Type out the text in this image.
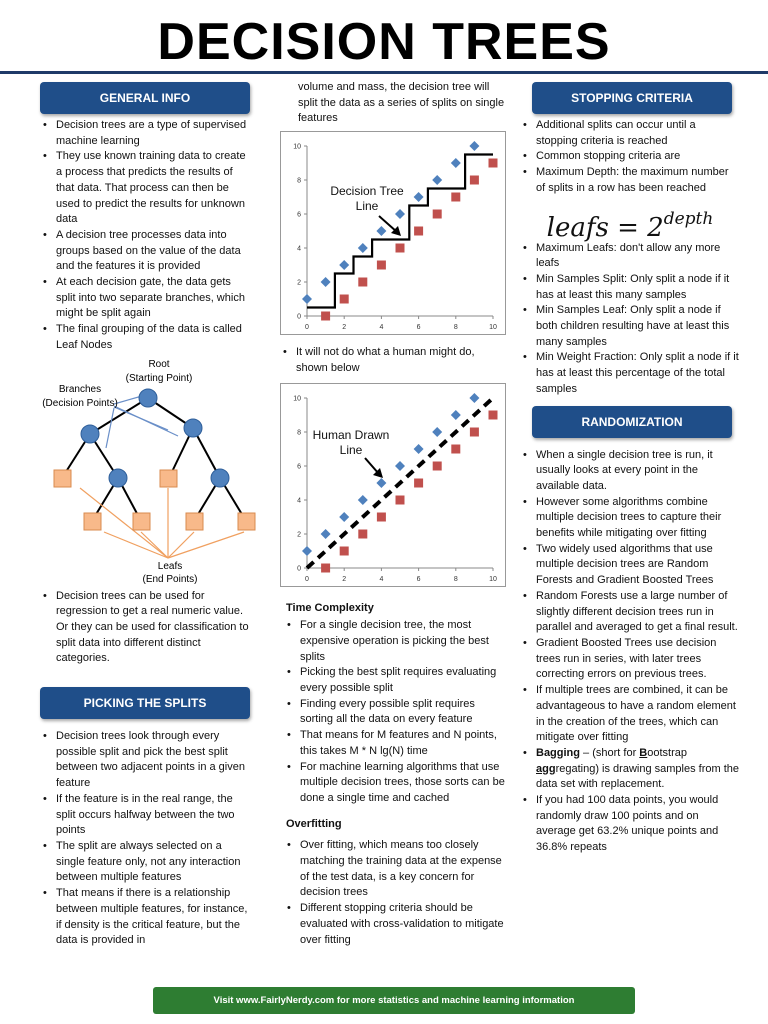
DECISION TREES
GENERAL INFO
• Decision trees are a type of supervised machine learning
• They use known training data to create a process that predicts the results of that data. That process can then be used to predict the results for unknown data
• A decision tree processes data into groups based on the value of the data and the features it is provided
• At each decision gate, the data gets split into two separate branches, which might be split again
• The final grouping of the data is called Leaf Nodes
Root
(Starting Point)
Branches
(Decision Points)
Leafs
(End Points)
• Decision trees can be used for regression to get a real numeric value. Or they can be used for classification to split data into different distinct categories.
PICKING THE SPLITS
• Decision trees look through every possible split and pick the best split between two adjacent points in a given feature
• If the feature is in the real range, the split occurs halfway between the two points
• The split are always selected on a single feature only, not any interaction between multiple features
• That means if there is a relationship between multiple features, for instance, if density is the critical feature, but the data is provided in
volume and mass, the decision tree will split the data as a series of splits on single features
0	2	4	6	8	10
0
2
4
6
8
10
Decision Tree
Line
• It will not do what a human might do, shown below
0	2	4	6	8	10
0
2
4
6
8
10
Human Drawn
Line
Time Complexity
• For a single decision tree, the most expensive operation is picking the best splits
• Picking the best split requires evaluating every possible split
• Finding every possible split requires sorting all the data on every feature
• That means for M features and N points, this takes M * N lg(N) time
• For machine learning algorithms that use multiple decision trees, those sorts can be done a single time and cached
Overfitting
• Over fitting, which means too closely matching the training data at the expense of the test data, is a key concern for decision trees
• Different stopping criteria should be evaluated with cross-validation to mitigate over fitting
STOPPING CRITERIA
• Additional splits can occur until a stopping criteria is reached
• Common stopping criteria are
• Maximum Depth: the maximum number of splits in a row has been reached
leafs = $2^{depth}$
• Maximum Leafs: don't allow any more leafs
• Min Samples Split: Only split a node if it has at least this many samples
• Min Samples Leaf: Only split a node if both children resulting have at least this many samples
• Min Weight Fraction: Only split a node if it has at least this percentage of the total samples
RANDOMIZATION
• When a single decision tree is run, it usually looks at every point in the available data.
• However some algorithms combine multiple decision trees to capture their benefits while mitigating over fitting
• Two widely used algorithms that use multiple decision trees are Random Forests and Gradient Boosted Trees
• Random Forests use a large number of slightly different decision trees run in parallel and averaged to get a final result.
• Gradient Boosted Trees use decision trees run in series, with later trees correcting errors on previous trees.
• If multiple trees are combined, it can be advantageous to have a random element in the creation of the trees, which can mitigate over fitting
• Bagging – (short for Bootstrap aggregating) is drawing samples from the data set with replacement.
• If you had 100 data points, you would randomly draw 100 points and on average get 63.2% unique points and 36.8% repeats
Visit www.FairlyNerdy.com for more statistics and machine learning information
